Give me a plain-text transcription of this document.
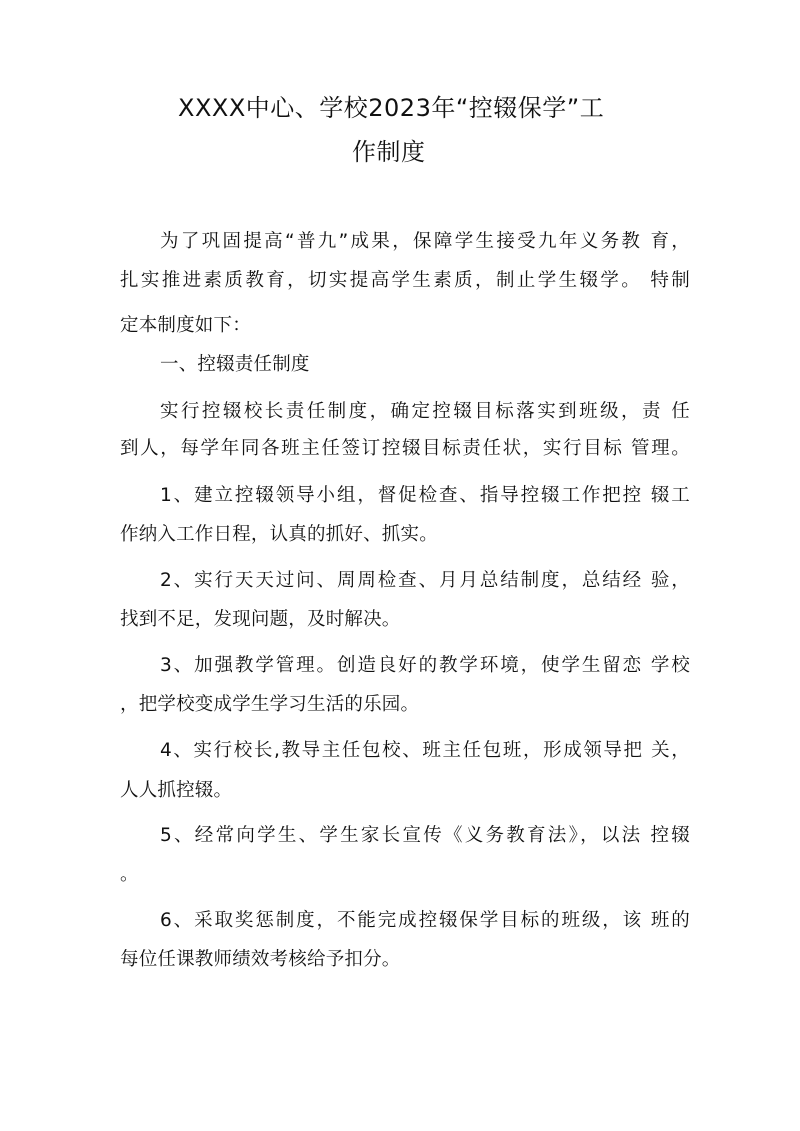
XXXX中心、学校2023年“控辍保学”工
作制度
为了巩固提高“普九”成果，保障学生接受九年义务教 育，
扎实推进素质教育，切实提高学生素质，制止学生辍学。 特制
定本制度如下：
一、控辍责任制度
实行控辍校长责任制度，确定控辍目标落实到班级，责 任
到人，每学年同各班主任签订控辍目标责任状，实行目标 管理。
1、建立控辍领导小组，督促检查、指导控辍工作把控 辍工
作纳入工作日程，认真的抓好、抓实。
2、实行天天过问、周周检查、月月总结制度，总结经 验，
找到不足，发现问题，及时解决。
3、加强教学管理。创造良好的教学环境，使学生留恋 学校
，把学校变成学生学习生活的乐园。
4、实行校长,教导主任包校、班主任包班，形成领导把 关，
人人抓控辍。
5、经常向学生、学生家长宣传《义务教育法》，以法 控辍
。
6、采取奖惩制度，不能完成控辍保学目标的班级，该 班的
每位任课教师绩效考核给予扣分。
